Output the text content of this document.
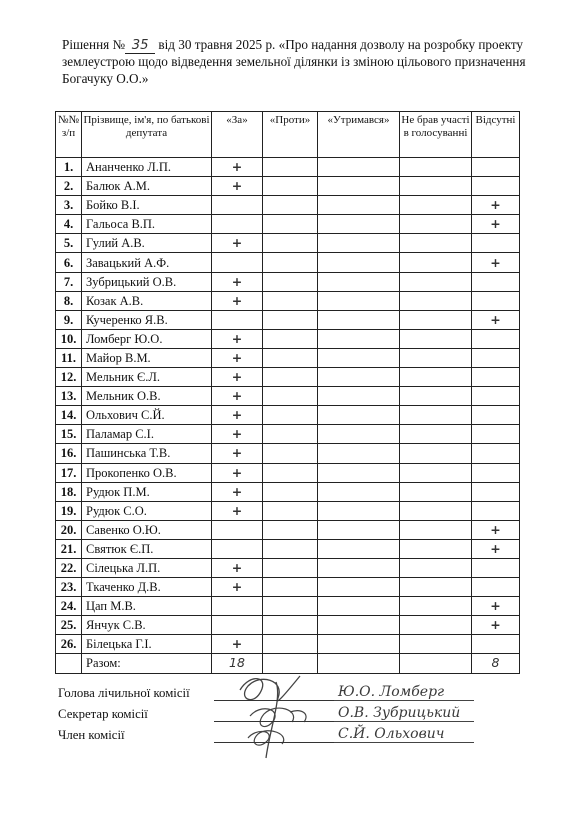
Рішення № 35 від 30 травня 2025 р. «Про надання дозволу на розробку проекту землеустрою щодо відведення земельної ділянки із зміною цільового призначення Богачуку О.О.»
№№ з/п	Прізвище, ім'я, по батькові депутата	«За»	«Проти»	«Утримався»	Не брав участі в голосуванні	Відсутні
1.	Ананченко Л.П.	+				
2.	Балюк А.М.	+				
3.	Бойко В.І.					+
4.	Гальоса В.П.					+
5.	Гулий А.В.	+				
6.	Завацький А.Ф.					+
7.	Зубрицький О.В.	+				
8.	Козак А.В.	+				
9.	Кучеренко Я.В.					+
10.	Ломберг Ю.О.	+				
11.	Майор В.М.	+				
12.	Мельник Є.Л.	+				
13.	Мельник О.В.	+				
14.	Ольхович С.Й.	+				
15.	Паламар С.І.	+				
16.	Пашинська Т.В.	+				
17.	Прокопенко О.В.	+				
18.	Рудюк П.М.	+				
19.	Рудюк С.О.	+				
20.	Савенко О.Ю.					+
21.	Святюк Є.П.					+
22.	Сілецька Л.П.	+				
23.	Ткаченко Д.В.	+				
24.	Цап М.В.					+
25.	Янчук С.В.					+
26.	Білецька Г.І.	+				
	Разом:	18				8
Голова лічильної комісії	Ю.О. Ломберг
Секретар комісії	О.В. Зубрицький
Член комісії	С.Й. Ольхович
